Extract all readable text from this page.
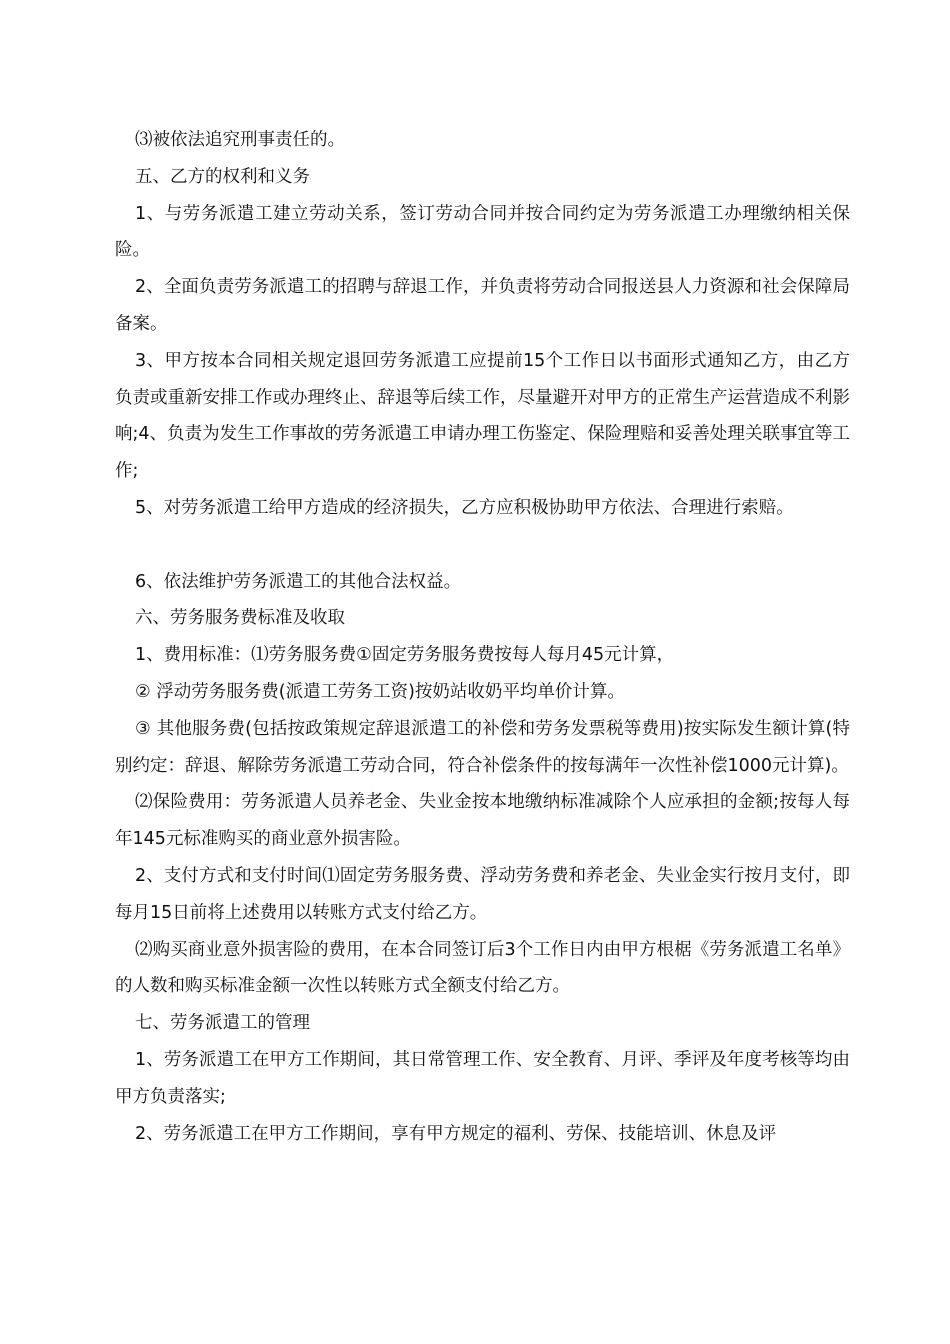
⑶被依法追究刑事责任的。

五、乙方的权利和义务

1、与劳务派遣工建立劳动关系，签订劳动合同并按合同约定为劳务派遣工办理缴纳相关保险。

2、全面负责劳务派遣工的招聘与辞退工作，并负责将劳动合同报送县人力资源和社会保障局备案。

3、甲方按本合同相关规定退回劳务派遣工应提前15个工作日以书面形式通知乙方，由乙方负责或重新安排工作或办理终止、辞退等后续工作，尽量避开对甲方的正常生产运营造成不利影响;4、负责为发生工作事故的劳务派遣工申请办理工伤鉴定、保险理赔和妥善处理关联事宜等工作;

5、对劳务派遣工给甲方造成的经济损失，乙方应积极协助甲方依法、合理进行索赔。

6、依法维护劳务派遣工的其他合法权益。

六、劳务服务费标准及收取

1、费用标准：⑴劳务服务费①固定劳务服务费按每人每月45元计算，

② 浮动劳务服务费(派遣工劳务工资)按奶站收奶平均单价计算。

③ 其他服务费(包括按政策规定辞退派遣工的补偿和劳务发票税等费用)按实际发生额计算(特别约定：辞退、解除劳务派遣工劳动合同，符合补偿条件的按每满年一次性补偿1000元计算)。

⑵保险费用：劳务派遣人员养老金、失业金按本地缴纳标准减除个人应承担的金额;按每人每年145元标准购买的商业意外损害险。

2、支付方式和支付时间⑴固定劳务服务费、浮动劳务费和养老金、失业金实行按月支付，即每月15日前将上述费用以转账方式支付给乙方。

⑵购买商业意外损害险的费用，在本合同签订后3个工作日内由甲方根椐《劳务派遣工名单》的人数和购买标准金额一次性以转账方式全额支付给乙方。

七、劳务派遣工的管理

1、劳务派遣工在甲方工作期间，其日常管理工作、安全教育、月评、季评及年度考核等均由甲方负责落实;

2、劳务派遣工在甲方工作期间，享有甲方规定的福利、劳保、技能培训、休息及评
